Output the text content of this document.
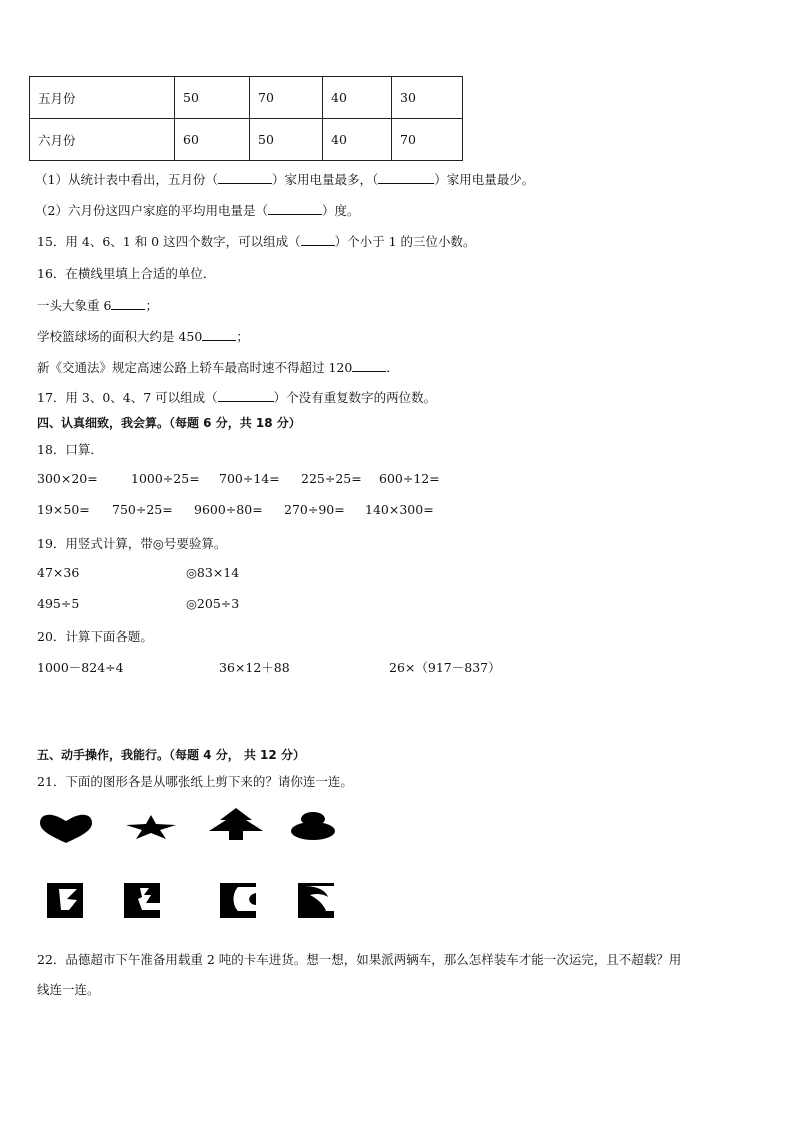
五月份	50	70	40	30
六月份	60	50	40	70
（1）从统计表中看出，五月份（	）家用电量最多，（	）家用电量最少。
（2）六月份这四户家庭的平均用电量是（	）度。
15．用 4、6、1 和 0 这四个数字，可以组成（	）个小于 1 的三位小数。
16．在横线里填上合适的单位．
一头大象重 6	；
学校篮球场的面积大约是 450	；
新《交通法》规定高速公路上轿车最高时速不得超过 120	．
17．用 3、0、4、7 可以组成（	）个没有重复数字的两位数。
四、认真细致，我会算。（每题 6 分，共 18 分）
18．口算．
300×20=	1000÷25= 700÷14= 225÷25= 600÷12=
19×50= 750÷25= 9600÷80= 270÷90= 140×300=
19．用竖式计算，带◎号要验算。
47×36	◎83×14
495÷5	◎205÷3
20．计算下面各题。
1000－824÷4	36×12＋88	26×（917－837）
五、动手操作，我能行。（每题 4 分， 共 12 分）
21．下面的图形各是从哪张纸上剪下来的？请你连一连。
22．品德超市下午准备用载重 2 吨的卡车进货。想一想，如果派两辆车，那么怎样装车才能一次运完，且不超载？用
线连一连。
